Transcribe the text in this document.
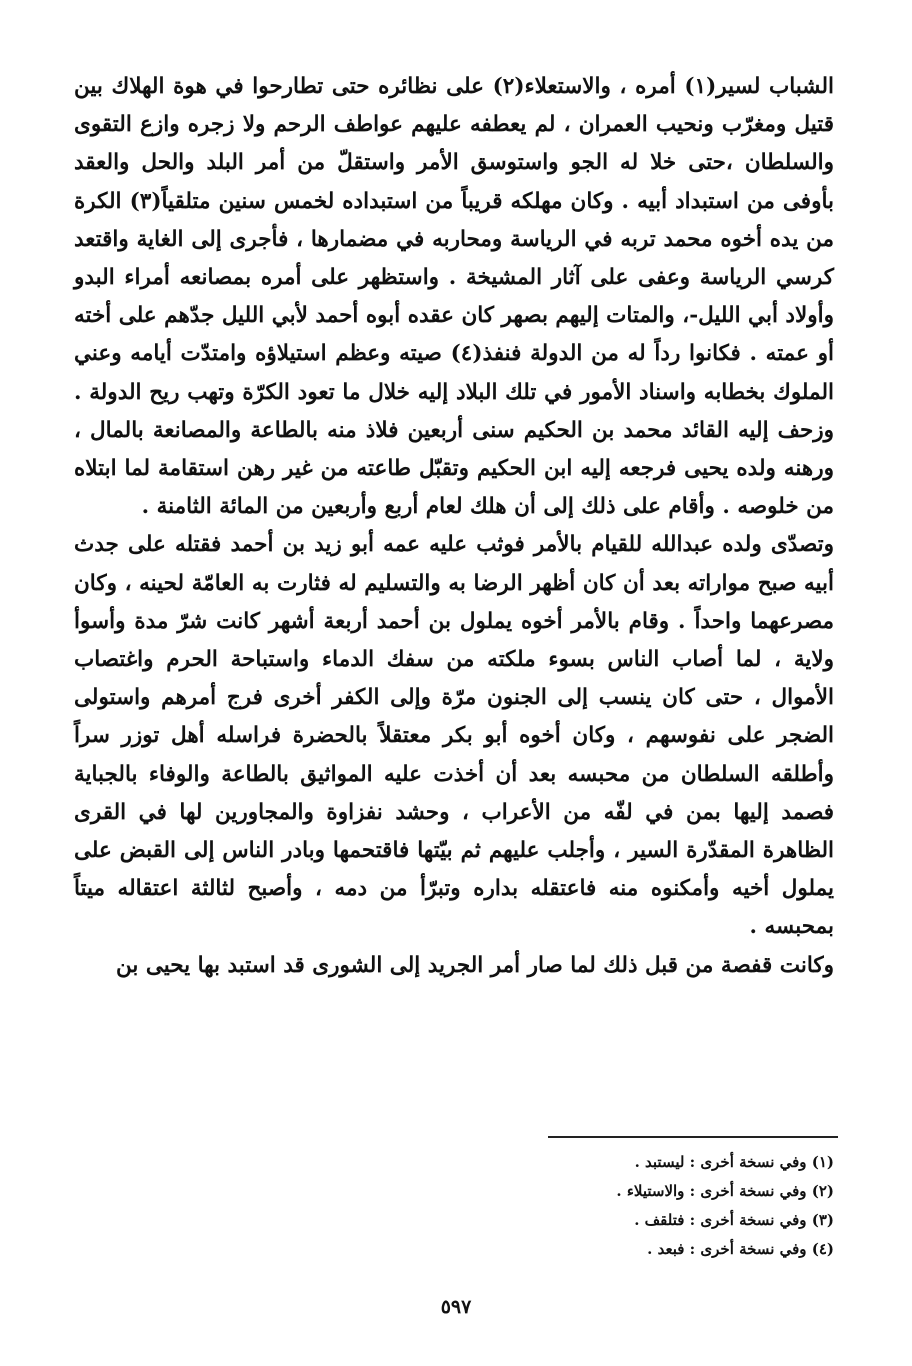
الشباب لسير(١) أمره ، والاستعلاء(٢) على نظائره حتى تطارحوا في هوة الهلاك بين قتيل ومغرّب ونحيب العمران ، لم يعطفه عليهم عواطف الرحم ولا زجره وازع التقوى والسلطان ،حتى خلا له الجو واستوسق الأمر واستقلّ من أمر البلد والحل والعقد بأوفى من استبداد أبيه . وكان مهلكه قريباً من استبداده لخمس سنين متلقياً(٣) الكرة من يده أخوه محمد تربه في الرياسة ومحاربه في مضمارها ، فأجرى إلى الغاية واقتعد كرسي الرياسة وعفى على آثار المشيخة . واستظهر على أمره بمصانعه أمراء البدو وأولاد أبي الليل-، والمتات إليهم بصهر كان عقده أبوه أحمد لأبي الليل جدّهم على أخته أو عمته . فكانوا رداً له من الدولة فنفذ(٤) صيته وعظم استيلاؤه وامتدّت أيامه وعني الملوك بخطابه واسناد الأمور في تلك البلاد إليه خلال ما تعود الكرّة وتهب ريح الدولة . وزحف إليه القائد محمد بن الحكيم سنى أربعين فلاذ منه بالطاعة والمصانعة بالمال ، ورهنه ولده يحيى فرجعه إليه ابن الحكيم وتقبّل طاعته من غير رهن استقامة لما ابتلاه من خلوصه . وأقام على ذلك إلى أن هلك لعام أربع وأربعين من المائة الثامنة .

وتصدّى ولده عبدالله للقيام بالأمر فوثب عليه عمه أبو زيد بن أحمد فقتله على جدث أبيه صبح مواراته بعد أن كان أظهر الرضا به والتسليم له فثارت به العامّة لحينه ، وكان مصرعهما واحداً . وقام بالأمر أخوه يملول بن أحمد أربعة أشهر كانت شرّ مدة وأسوأ ولاية ، لما أصاب الناس بسوء ملكته من سفك الدماء واستباحة الحرم واغتصاب الأموال ، حتى كان ينسب إلى الجنون مرّة وإلى الكفر أخرى فرج أمرهم واستولى الضجر على نفوسهم ، وكان أخوه أبو بكر معتقلاً بالحضرة فراسله أهل توزر سراً وأطلقه السلطان من محبسه بعد أن أخذت عليه المواثيق بالطاعة والوفاء بالجباية فصمد إليها بمن في لفّه من الأعراب ، وحشد نفزاوة والمجاورين لها في القرى الظاهرة المقدّرة السير ، وأجلب عليهم ثم بيّتها فاقتحمها وبادر الناس إلى القبض على يملول أخيه وأمكنوه منه فاعتقله بداره وتبرّأ من دمه ، وأصبح لثالثة اعتقاله ميتاً بمحبسه .

وكانت قفصة من قبل ذلك لما صار أمر الجريد إلى الشورى قد استبد بها يحيى بن

(١) وفي نسخة أخرى : ليستبد .

(٢) وفي نسخة أخرى : والاستيلاء .

(٣) وفي نسخة أخرى : فتلقف .

(٤) وفي نسخة أخرى : فبعد .

٥٩٧
